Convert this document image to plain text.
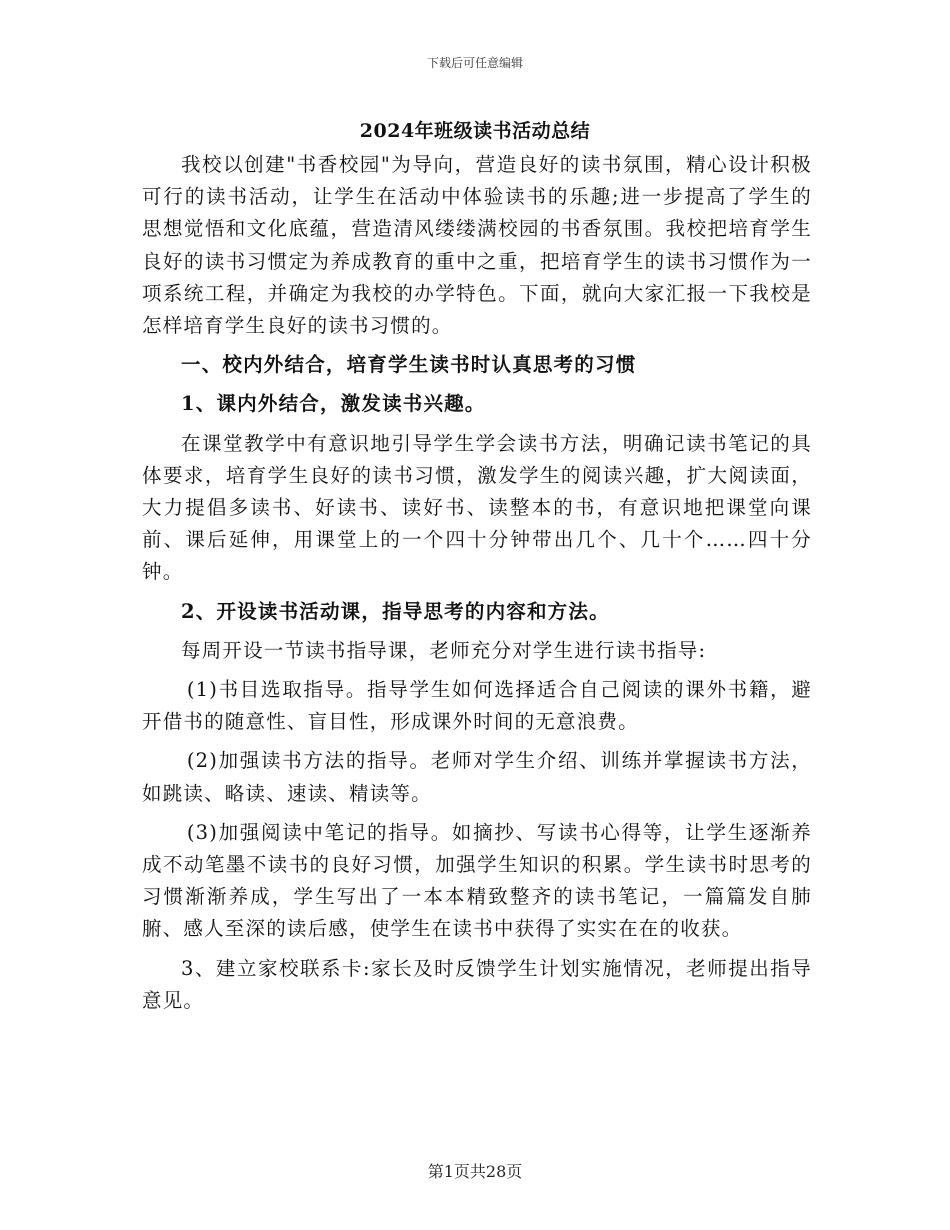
下载后可任意编辑
2024年班级读书活动总结

我校以创建"书香校园"为导向，营造良好的读书氛围，精心设计积极可行的读书活动，让学生在活动中体验读书的乐趣;进一步提高了学生的思想觉悟和文化底蕴，营造清风缕缕满校园的书香氛围。我校把培育学生良好的读书习惯定为养成教育的重中之重，把培育学生的读书习惯作为一项系统工程，并确定为我校的办学特色。下面，就向大家汇报一下我校是怎样培育学生良好的读书习惯的。

一、校内外结合，培育学生读书时认真思考的习惯

1、课内外结合，激发读书兴趣。

在课堂教学中有意识地引导学生学会读书方法，明确记读书笔记的具体要求，培育学生良好的读书习惯，激发学生的阅读兴趣，扩大阅读面，大力提倡多读书、好读书、读好书、读整本的书，有意识地把课堂向课前、课后延伸，用课堂上的一个四十分钟带出几个、几十个……四十分钟。

2、开设读书活动课，指导思考的内容和方法。

每周开设一节读书指导课，老师充分对学生进行读书指导:

(1)书目选取指导。指导学生如何选择适合自己阅读的课外书籍，避开借书的随意性、盲目性，形成课外时间的无意浪费。

(2)加强读书方法的指导。老师对学生介绍、训练并掌握读书方法，如跳读、略读、速读、精读等。

(3)加强阅读中笔记的指导。如摘抄、写读书心得等，让学生逐渐养成不动笔墨不读书的良好习惯，加强学生知识的积累。学生读书时思考的习惯渐渐养成，学生写出了一本本精致整齐的读书笔记，一篇篇发自肺腑、感人至深的读后感，使学生在读书中获得了实实在在的收获。

3、建立家校联系卡:家长及时反馈学生计划实施情况，老师提出指导意见。

第1页共28页
